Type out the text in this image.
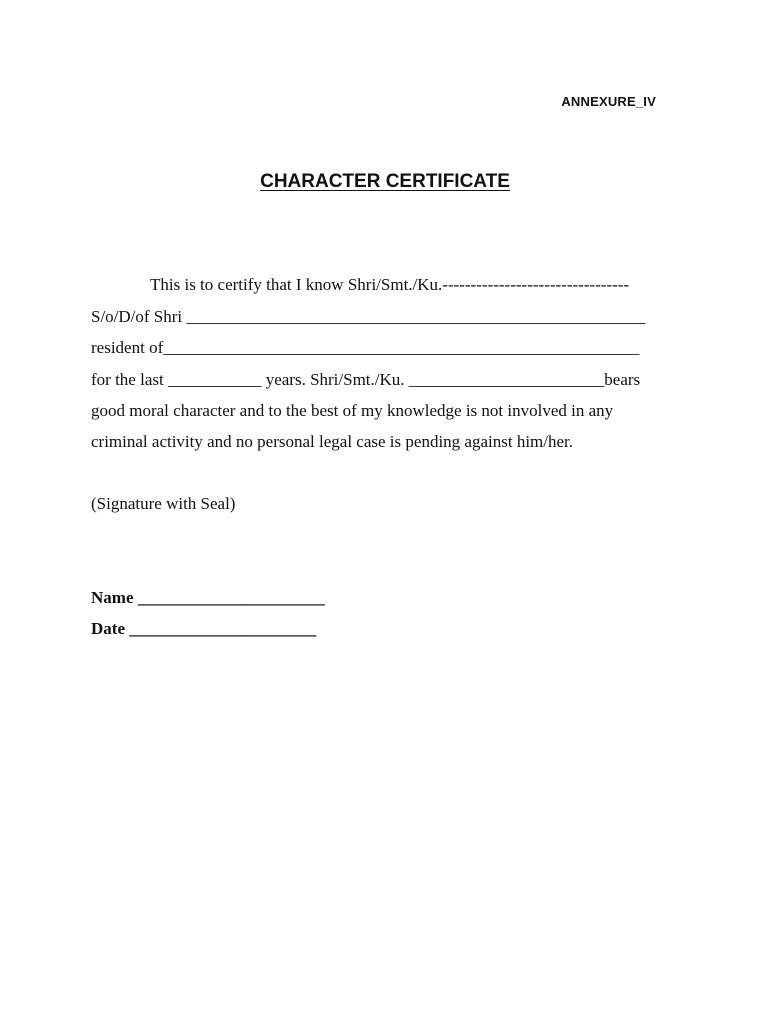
ANNEXURE_IV
CHARACTER CERTIFICATE
This is to certify that I know Shri/Smt./Ku.---------------------------------
S/o/D/of Shri ______________________________________________________
resident of________________________________________________________
for the last ___________ years. Shri/Smt./Ku. _______________________bears
good moral character and to the best of my knowledge is not involved in any
criminal activity and no personal legal case is pending against him/her.
(Signature with Seal)
Name ______________________
Date ______________________
